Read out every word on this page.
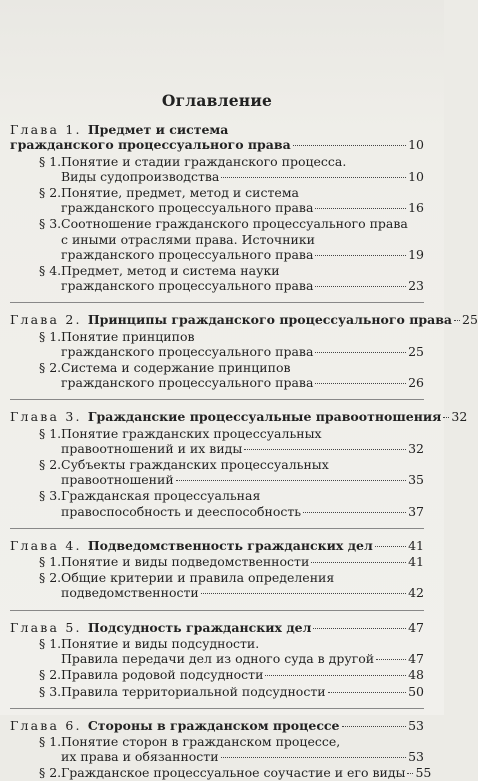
Оглавление
Глава 1. Предмет и система
гражданского процессуального права	10
§ 1. Понятие и стадии гражданского процесса.
Виды судопроизводства	10
§ 2. Понятие, предмет, метод и система
гражданского процессуального права	16
§ 3. Соотношение гражданского процессуального права
с иными отраслями права. Источники
гражданского процессуального права	19
§ 4. Предмет, метод и система науки
гражданского процессуального права	23
Глава 2. Принципы гражданского процессуального права 25
§ 1. Понятие принципов
гражданского процессуального права	25
§ 2. Система и содержание принципов
гражданского процессуального права	26
Глава 3. Гражданские процессуальные правоотношения 32
§ 1. Понятие гражданских процессуальных
правоотношений и их виды	32
§ 2. Субъекты гражданских процессуальных
правоотношений	35
§ 3. Гражданская процессуальная
правоспособность и дееспособность	37
Глава 4. Подведомственность гражданских дел	41
§ 1. Понятие и виды подведомственности	41
§ 2. Общие критерии и правила определения
подведомственности	42
Глава 5. Подсудность гражданских дел	47
§ 1. Понятие и виды подсудности.
Правила передачи дел из одного суда в другой	47
§ 2. Правила родовой подсудности	48
§ 3. Правила территориальной подсудности	50
Глава 6. Стороны в гражданском процессе	53
§ 1. Понятие сторон в гражданском процессе,
их права и обязанности	53
§ 2. Гражданское процессуальное соучастие и его виды 55
